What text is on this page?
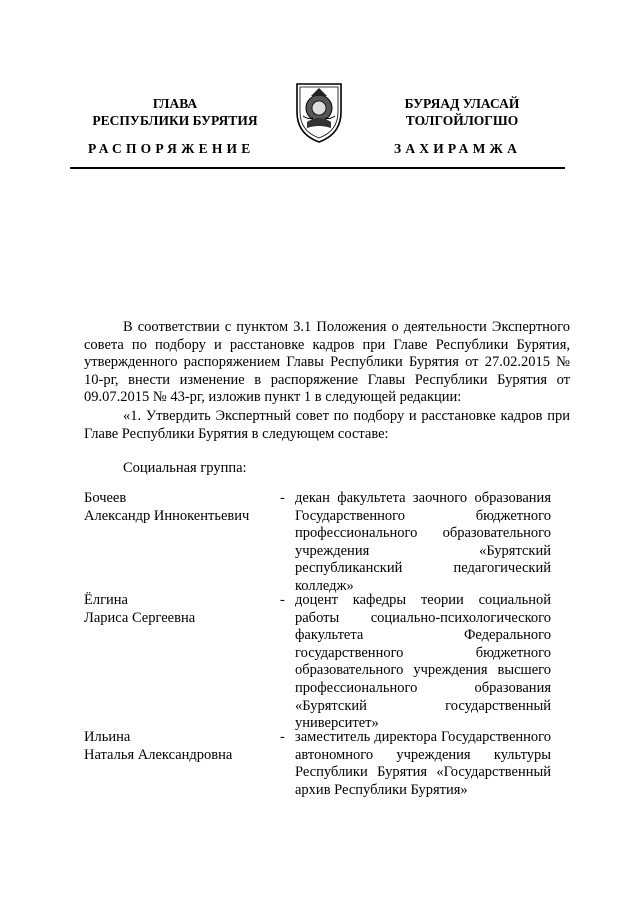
ГЛАВА
РЕСПУБЛИКИ БУРЯТИЯ
БУРЯАД УЛАСАЙ
ТОЛГОЙЛОГШО
РАСПОРЯЖЕНИЕ	ЗАХИРАМЖА
В соответствии с пунктом 3.1 Положения о деятельности Экспертного совета по подбору и расстановке кадров при Главе Республики Бурятия, утвержденного распоряжением Главы Республики Бурятия от 27.02.2015 № 10-рг, внести изменение в распоряжение Главы Республики Бурятия от 09.07.2015 № 43-рг, изложив пункт 1 в следующей редакции:
«1. Утвердить Экспертный совет по подбору и расстановке кадров при Главе Республики Бурятия в следующем составе:
Социальная группа:
Бочеев
Александр Иннокентьевич
- декан факультета заочного образования Государственного бюджетного профессионального образовательного учреждения «Бурятский республиканский педагогический колледж»
Ёлгина
Лариса Сергеевна
- доцент кафедры теории социальной работы социально-психологического факультета Федерального государственного бюджетного образовательного учреждения высшего профессионального образования «Бурятский государственный университет»
Ильина
Наталья Александровна
- заместитель директора Государственного автономного учреждения культуры Республики Бурятия «Государственный архив Республики Бурятия»
